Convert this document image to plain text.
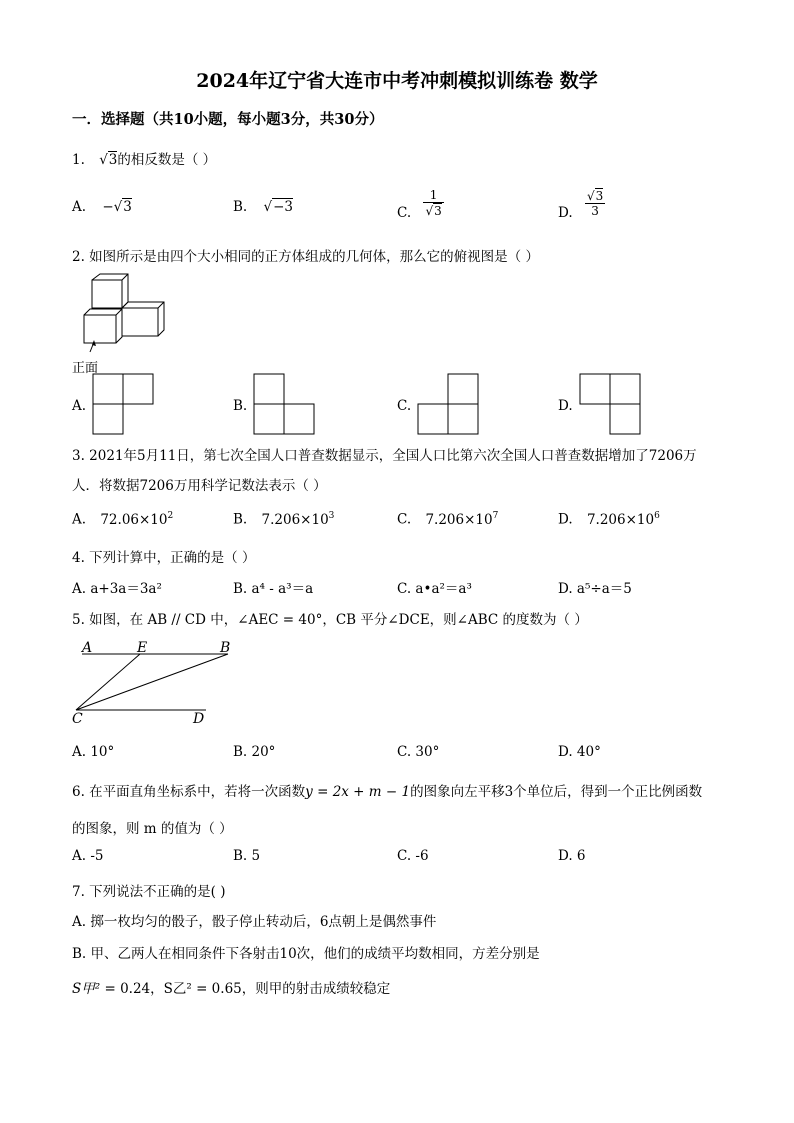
2024年辽宁省大连市中考冲刺模拟训练卷 数学
一．选择题（共10小题，每小题3分，共30分）
1. √3的相反数是（ ）
A. −√3	B. √−3	C. $\frac{1}{√3}$	D. $\frac{√3}{3}$
2. 如图所示是由四个大小相同的正方体组成的几何体，那么它的俯视图是（ ）
正面
A.	B.	C.	D.
3. 2021年5月11日，第七次全国人口普查数据显示，全国人口比第六次全国人口普查数据增加了7206万
人．将数据7206万用科学记数法表示（ ）
A. $72.06\times 10^2$	B. $7.206\times 10^3$	C. $7.206\times 10^7$	D. $7.206\times 10^6$
4. 下列计算中，正确的是（ ）
A. a+3a＝3a²	B. a⁴ - a³＝a	C. a•a²＝a³	D. a⁵÷a＝5
5. 如图，在 AB // CD 中，∠AEC = 40°，CB 平分∠DCE，则∠ABC 的度数为（ ）
A	E	B
C	D
A. 10°	B. 20°	C. 30°	D. 40°
6. 在平面直角坐标系中，若将一次函数y = 2x + m − 1的图象向左平移3个单位后，得到一个正比例函数
的图象，则 m 的值为（ ）
A. -5	B. 5	C. -6	D. 6
7. 下列说法不正确的是( )
A. 掷一枚均匀的骰子，骰子停止转动后，6点朝上是偶然事件
B. 甲、乙两人在相同条件下各射击10次，他们的成绩平均数相同，方差分别是
S甲² = 0.24，S乙² = 0.65，则甲的射击成绩较稳定
